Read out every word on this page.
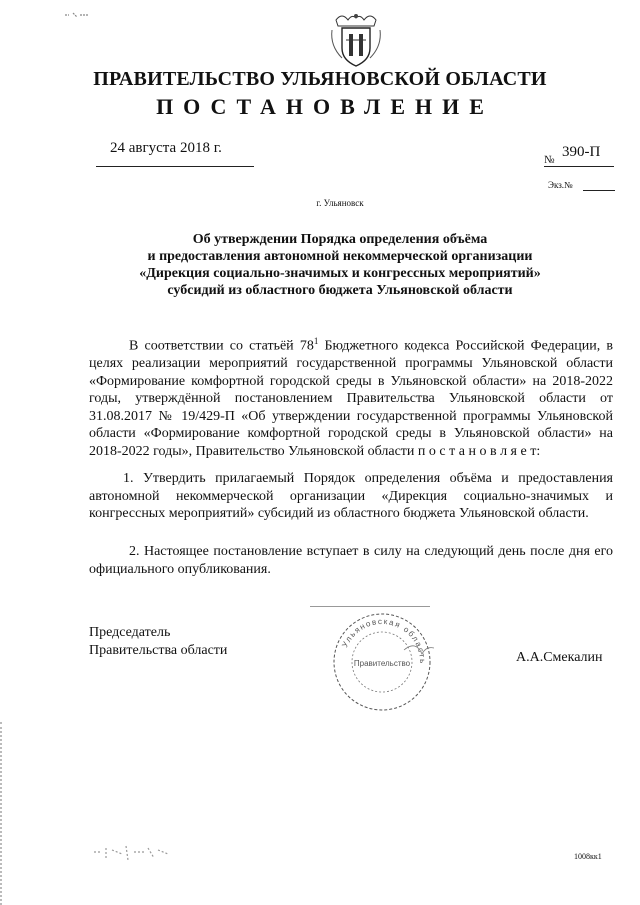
ПРАВИТЕЛЬСТВО УЛЬЯНОВСКОЙ ОБЛАСТИ
ПОСТАНОВЛЕНИЕ
24 августа 2018 г.
№ 390-П
Экз.№
г. Ульяновск
Об утверждении Порядка определения объёма
и предоставления автономной некоммерческой организации
«Дирекция социально-значимых и конгрессных мероприятий»
субсидий из областного бюджета Ульяновской области
В соответствии со статьёй $78^1$ Бюджетного кодекса Российской Федерации, в целях реализации мероприятий государственной программы Ульяновской области «Формирование комфортной городской среды в Ульяновской области» на 2018-2022 годы, утверждённой постановлением Правительства Ульяновской области от 31.08.2017 № 19/429-П «Об утверждении государственной программы Ульяновской области «Формирование комфортной городской среды в Ульяновской области» на 2018-2022 годы», Правительство Ульяновской области п о с т а н о в л я е т:
1. Утвердить прилагаемый Порядок определения объёма и предоставления автономной некоммерческой организации «Дирекция социально-значимых и конгрессных мероприятий» субсидий из областного бюджета Ульяновской области.
2. Настоящее постановление вступает в силу на следующий день после дня его официального опубликования.
Председатель
Правительства области	Ульяновская область
Правительство	А.А.Смекалин
1008кк1
